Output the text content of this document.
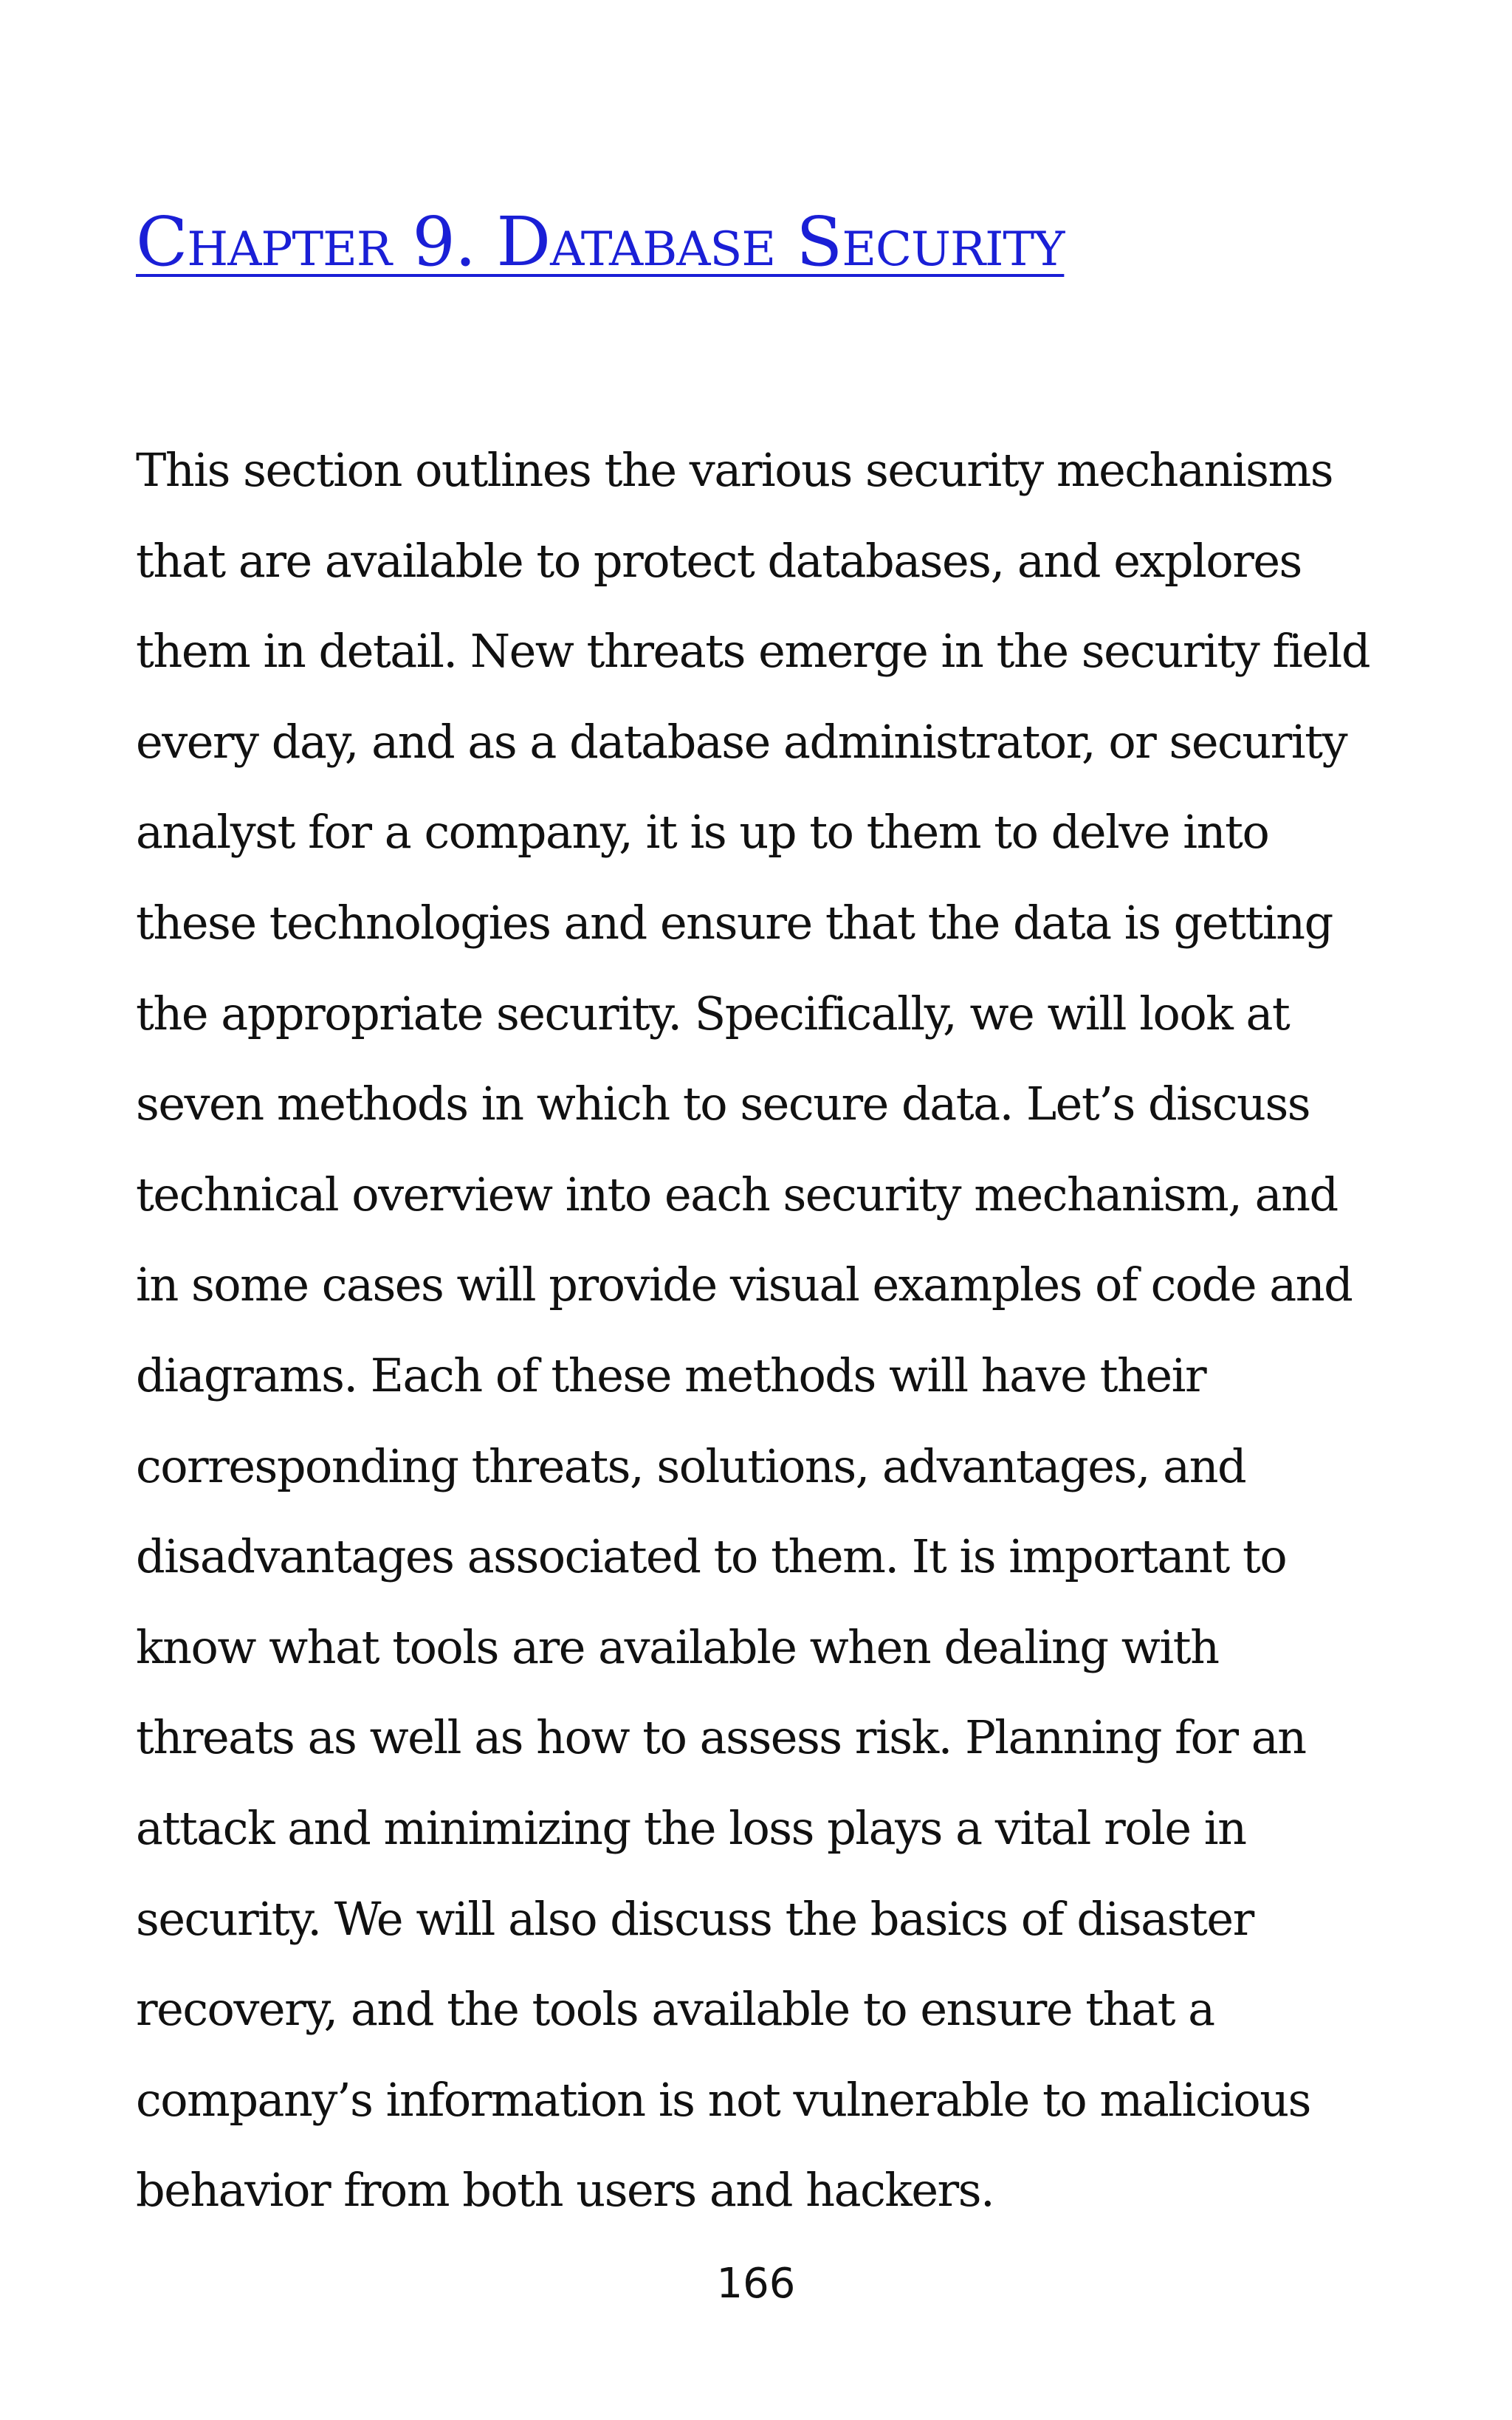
Chapter 9. Database Security
This section outlines the various security mechanisms
that are available to protect databases, and explores
them in detail. New threats emerge in the security field
every day, and as a database administrator, or security
analyst for a company, it is up to them to delve into
these technologies and ensure that the data is getting
the appropriate security. Specifically, we will look at
seven methods in which to secure data. Let’s discuss
technical overview into each security mechanism, and
in some cases will provide visual examples of code and
diagrams. Each of these methods will have their
corresponding threats, solutions, advantages, and
disadvantages associated to them. It is important to
know what tools are available when dealing with
threats as well as how to assess risk. Planning for an
attack and minimizing the loss plays a vital role in
security. We will also discuss the basics of disaster
recovery, and the tools available to ensure that a
company’s information is not vulnerable to malicious
behavior from both users and hackers.
166
